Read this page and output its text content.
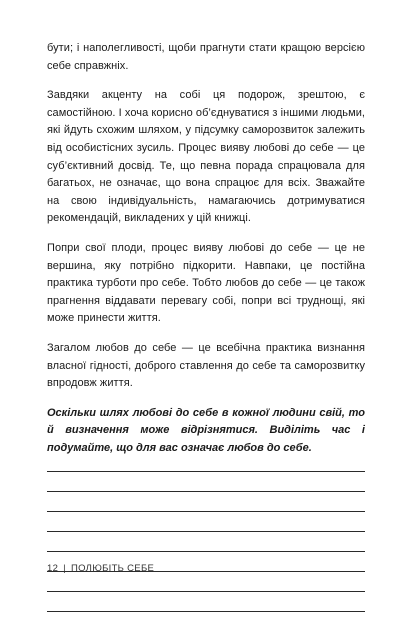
бути; і наполегливості, щоби прагнути стати кращою версією себе справжніх.

Завдяки акценту на собі ця подорож, зрештою, є самостійною. І хоча корисно об’єднуватися з іншими людьми, які йдуть схожим шляхом, у підсумку саморозвиток залежить від особистісних зусиль. Процес вияву любові до себе — це суб’єктивний досвід. Те, що певна порада спрацювала для багатьох, не означає, що вона спрацює для всіх. Зважайте на свою індивідуальність, намагаючись дотримуватися рекомендацій, викладених у цій книжці.

Попри свої плоди, процес вияву любові до себе — це не вершина, яку потрібно підкорити. Навпаки, це постійна практика турботи про себе. Тобто любов до себе — це також прагнення віддавати перевагу собі, попри всі труднощі, які може принести життя.

Загалом любов до себе — це всебічна практика визнання власної гідності, доброго ставлення до себе та саморозвитку впродовж життя.

Оскільки шлях любові до себе в кожної людини свій, то й визначення може відрізнятися. Виділіть час і подумайте, що для вас означає любов до себе.

12 | ПОЛЮБІТЬ СЕБЕ
